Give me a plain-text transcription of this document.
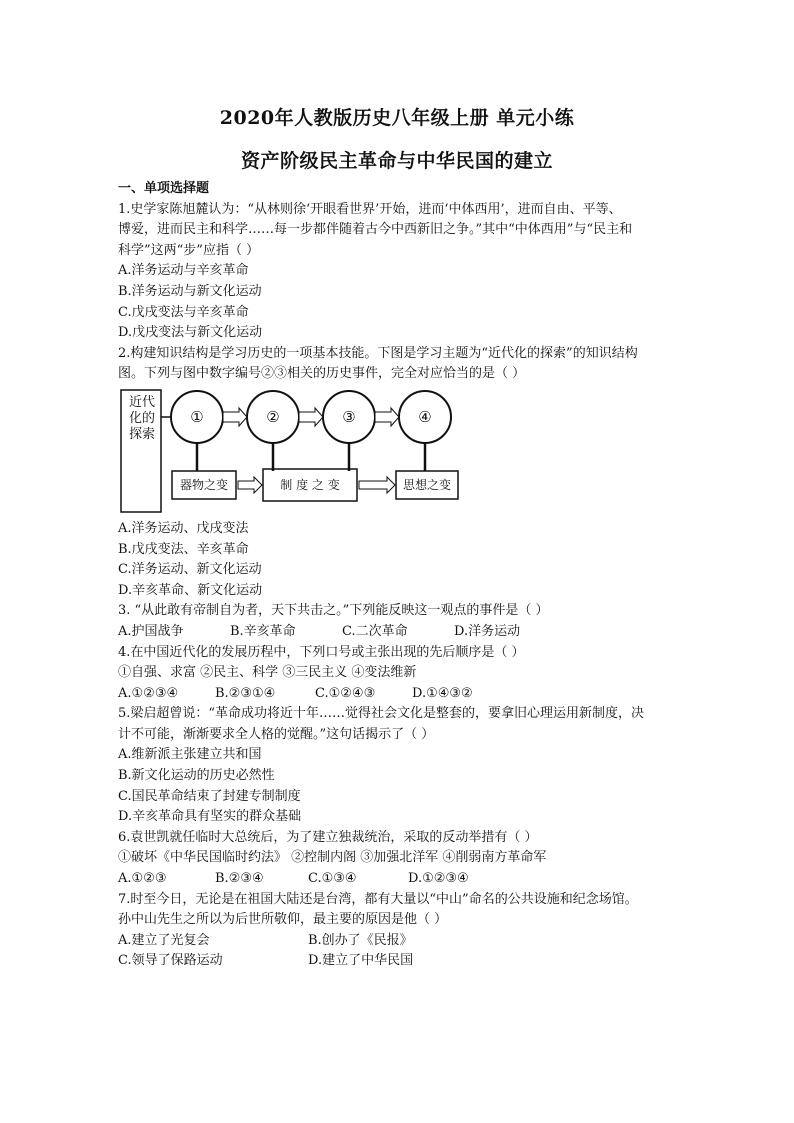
2020年人教版历史八年级上册 单元小练
资产阶级民主革命与中华民国的建立
一、单项选择题
1.史学家陈旭麓认为：“从林则徐‘开眼看世界’开始，进而‘中体西用’，进而自由、平等、
博爱，进而民主和科学……每一步都伴随着古今中西新旧之争。”其中“中体西用”与“民主和
科学”这两“步”应指（ ）
A.洋务运动与辛亥革命
B.洋务运动与新文化运动
C.戊戌变法与辛亥革命
D.戊戌变法与新文化运动
2.构建知识结构是学习历史的一项基本技能。下图是学习主题为“近代化的探索”的知识结构
图。下列与图中数字编号②③相关的历史事件，完全对应恰当的是（ ）
近代化的探索
①	②	③	④
器物之变	制 度 之 变	思想之变
A.洋务运动、戊戌变法
B.戊戌变法、辛亥革命
C.洋务运动、新文化运动
D.辛亥革命、新文化运动
3. “从此敢有帝制自为者，天下共击之。”下列能反映这一观点的事件是（ ）
A.护国战争	B.辛亥革命	C.二次革命	D.洋务运动
4.在中国近代化的发展历程中，下列口号或主张出现的先后顺序是（ ）
①自强、求富 ②民主、科学 ③三民主义 ④变法维新
A.①②③④	B.②③①④	C.①②④③	D.①④③②
5.梁启超曾说：“革命成功将近十年……觉得社会文化是整套的，要拿旧心理运用新制度，决
计不可能，渐渐要求全人格的觉醒。”这句话揭示了（ ）
A.维新派主张建立共和国
B.新文化运动的历史必然性
C.国民革命结束了封建专制制度
D.辛亥革命具有坚实的群众基础
6.袁世凯就任临时大总统后，为了建立独裁统治，采取的反动举措有（ ）
①破坏《中华民国临时约法》 ②控制内阁 ③加强北洋军 ④削弱南方革命军
A.①②③	B.②③④	C.①③④	D.①②③④
7.时至今日，无论是在祖国大陆还是台湾，都有大量以“中山”命名的公共设施和纪念场馆。
孙中山先生之所以为后世所敬仰，最主要的原因是他（ ）
A.建立了光复会	B.创办了《民报》
C.领导了保路运动	D.建立了中华民国
